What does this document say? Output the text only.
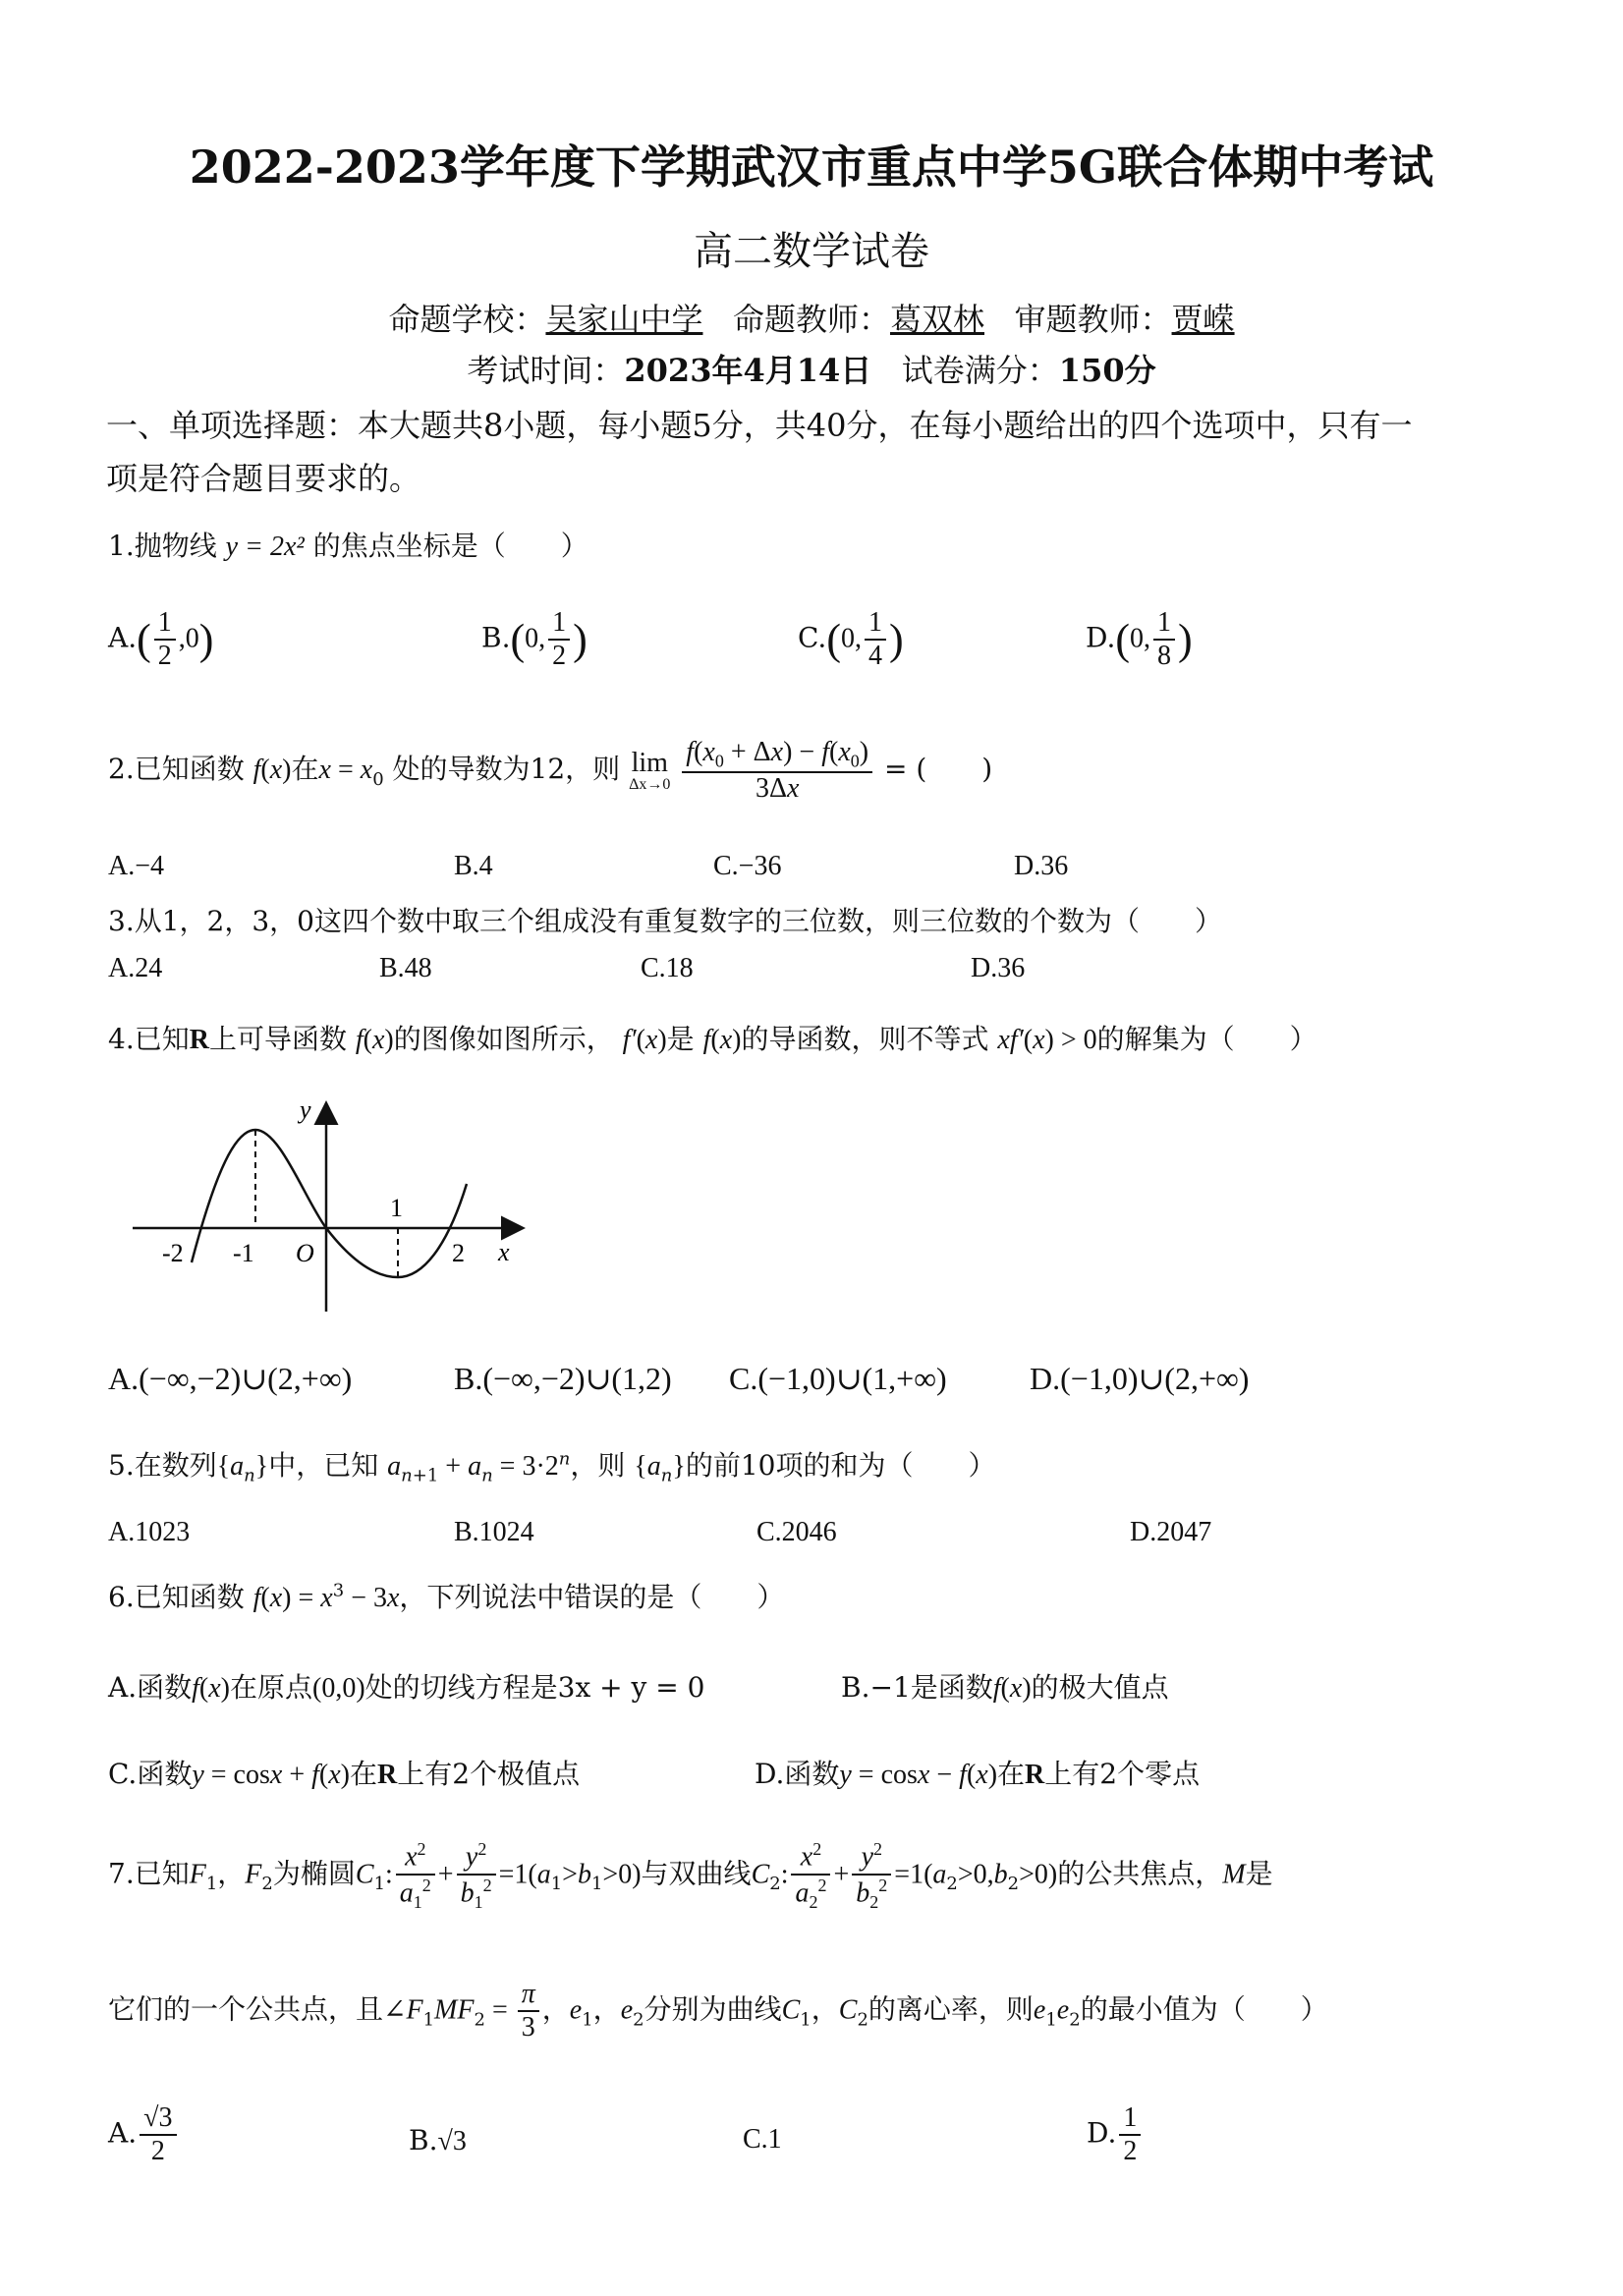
2022-2023学年度下学期武汉市重点中学5G联合体期中考试
高二数学试卷
命题学校：吴家山中学 命题教师：葛双林 审题教师：贾嵘
考试时间：2023年4月14日 试卷满分：150分
一、单项选择题：本大题共8小题，每小题5分，共40分，在每小题给出的四个选项中，只有一
项是符合题目要求的。
1.抛物线 y = 2x² 的焦点坐标是（　　）
$A.( \frac{1}{2} ,0)$	B.(0, $\frac{1}{2}$ )	C.(0, $\frac{1}{4}$ )	D.(0, $\frac{1}{8}$ )
2.已知函数 f(x)在$x = x_0$ 处的导数为12，则 lim
Δx→0
$\frac{f(x_0 + \Delta x) - f(x_0)}{3\Delta x}$ = (　　)
A.−4	B.4	C.−36	D.36
3.从1，2，3，0这四个数中取三个组成没有重复数字的三位数，则三位数的个数为（　　）
A.24	B.48	C.18	D.36
4.已知R上可导函数 f(x)的图像如图所示， f′(x)是 f(x)的导函数，则不等式 xf′(x) > 0的解集为（　　）
y
x
O
-2 -1
1
2
A.(−∞,−2)∪(2,+∞)	B.(−∞,−2)∪(1,2) C.(−1,0)∪(1,+∞)	D.(−1,0)∪(2,+∞)
5.在数列$\{a_n\}$中，已知 $a_{n+1} + a_n = 3\cdot 2^n$，则 $\{a_n\}$的前10项的和为（　　）
A.1023	B.1024	C.2046	D.2047
6.已知函数 $f(x) = x^3 - 3x$，下列说法中错误的是（　　）
A.函数f(x)在原点(0,0)处的切线方程是3x + y = 0	B.−1是函数f(x)的极大值点
C.函数y = cosx + f(x)在R上有2个极值点	D.函数y = cosx − f(x)在R上有2个零点
7.已知$F_1$，$F_2$为椭圆$C_1$: $\frac{x^2}{a_1^2} + \frac{y^2}{b_1^2} =1(a_1>b_1>0)$与双曲线$C_2$: $\frac{x^2}{a_2^2} + \frac{y^2}{b_2^2} =1(a_2>0,b_2>0)$的公共焦点，M是
它们的一个公共点，且$\angle F_1MF_2 = \frac{\pi}{3}$ ，$e_1$，$e_2$分别为曲线$C_1$，$C_2$的离心率，则$e_1e_2$的最小值为（　　）
A. $\frac{√3}{2}$	B.√3	C.1	D. $\frac{1}{2}$
